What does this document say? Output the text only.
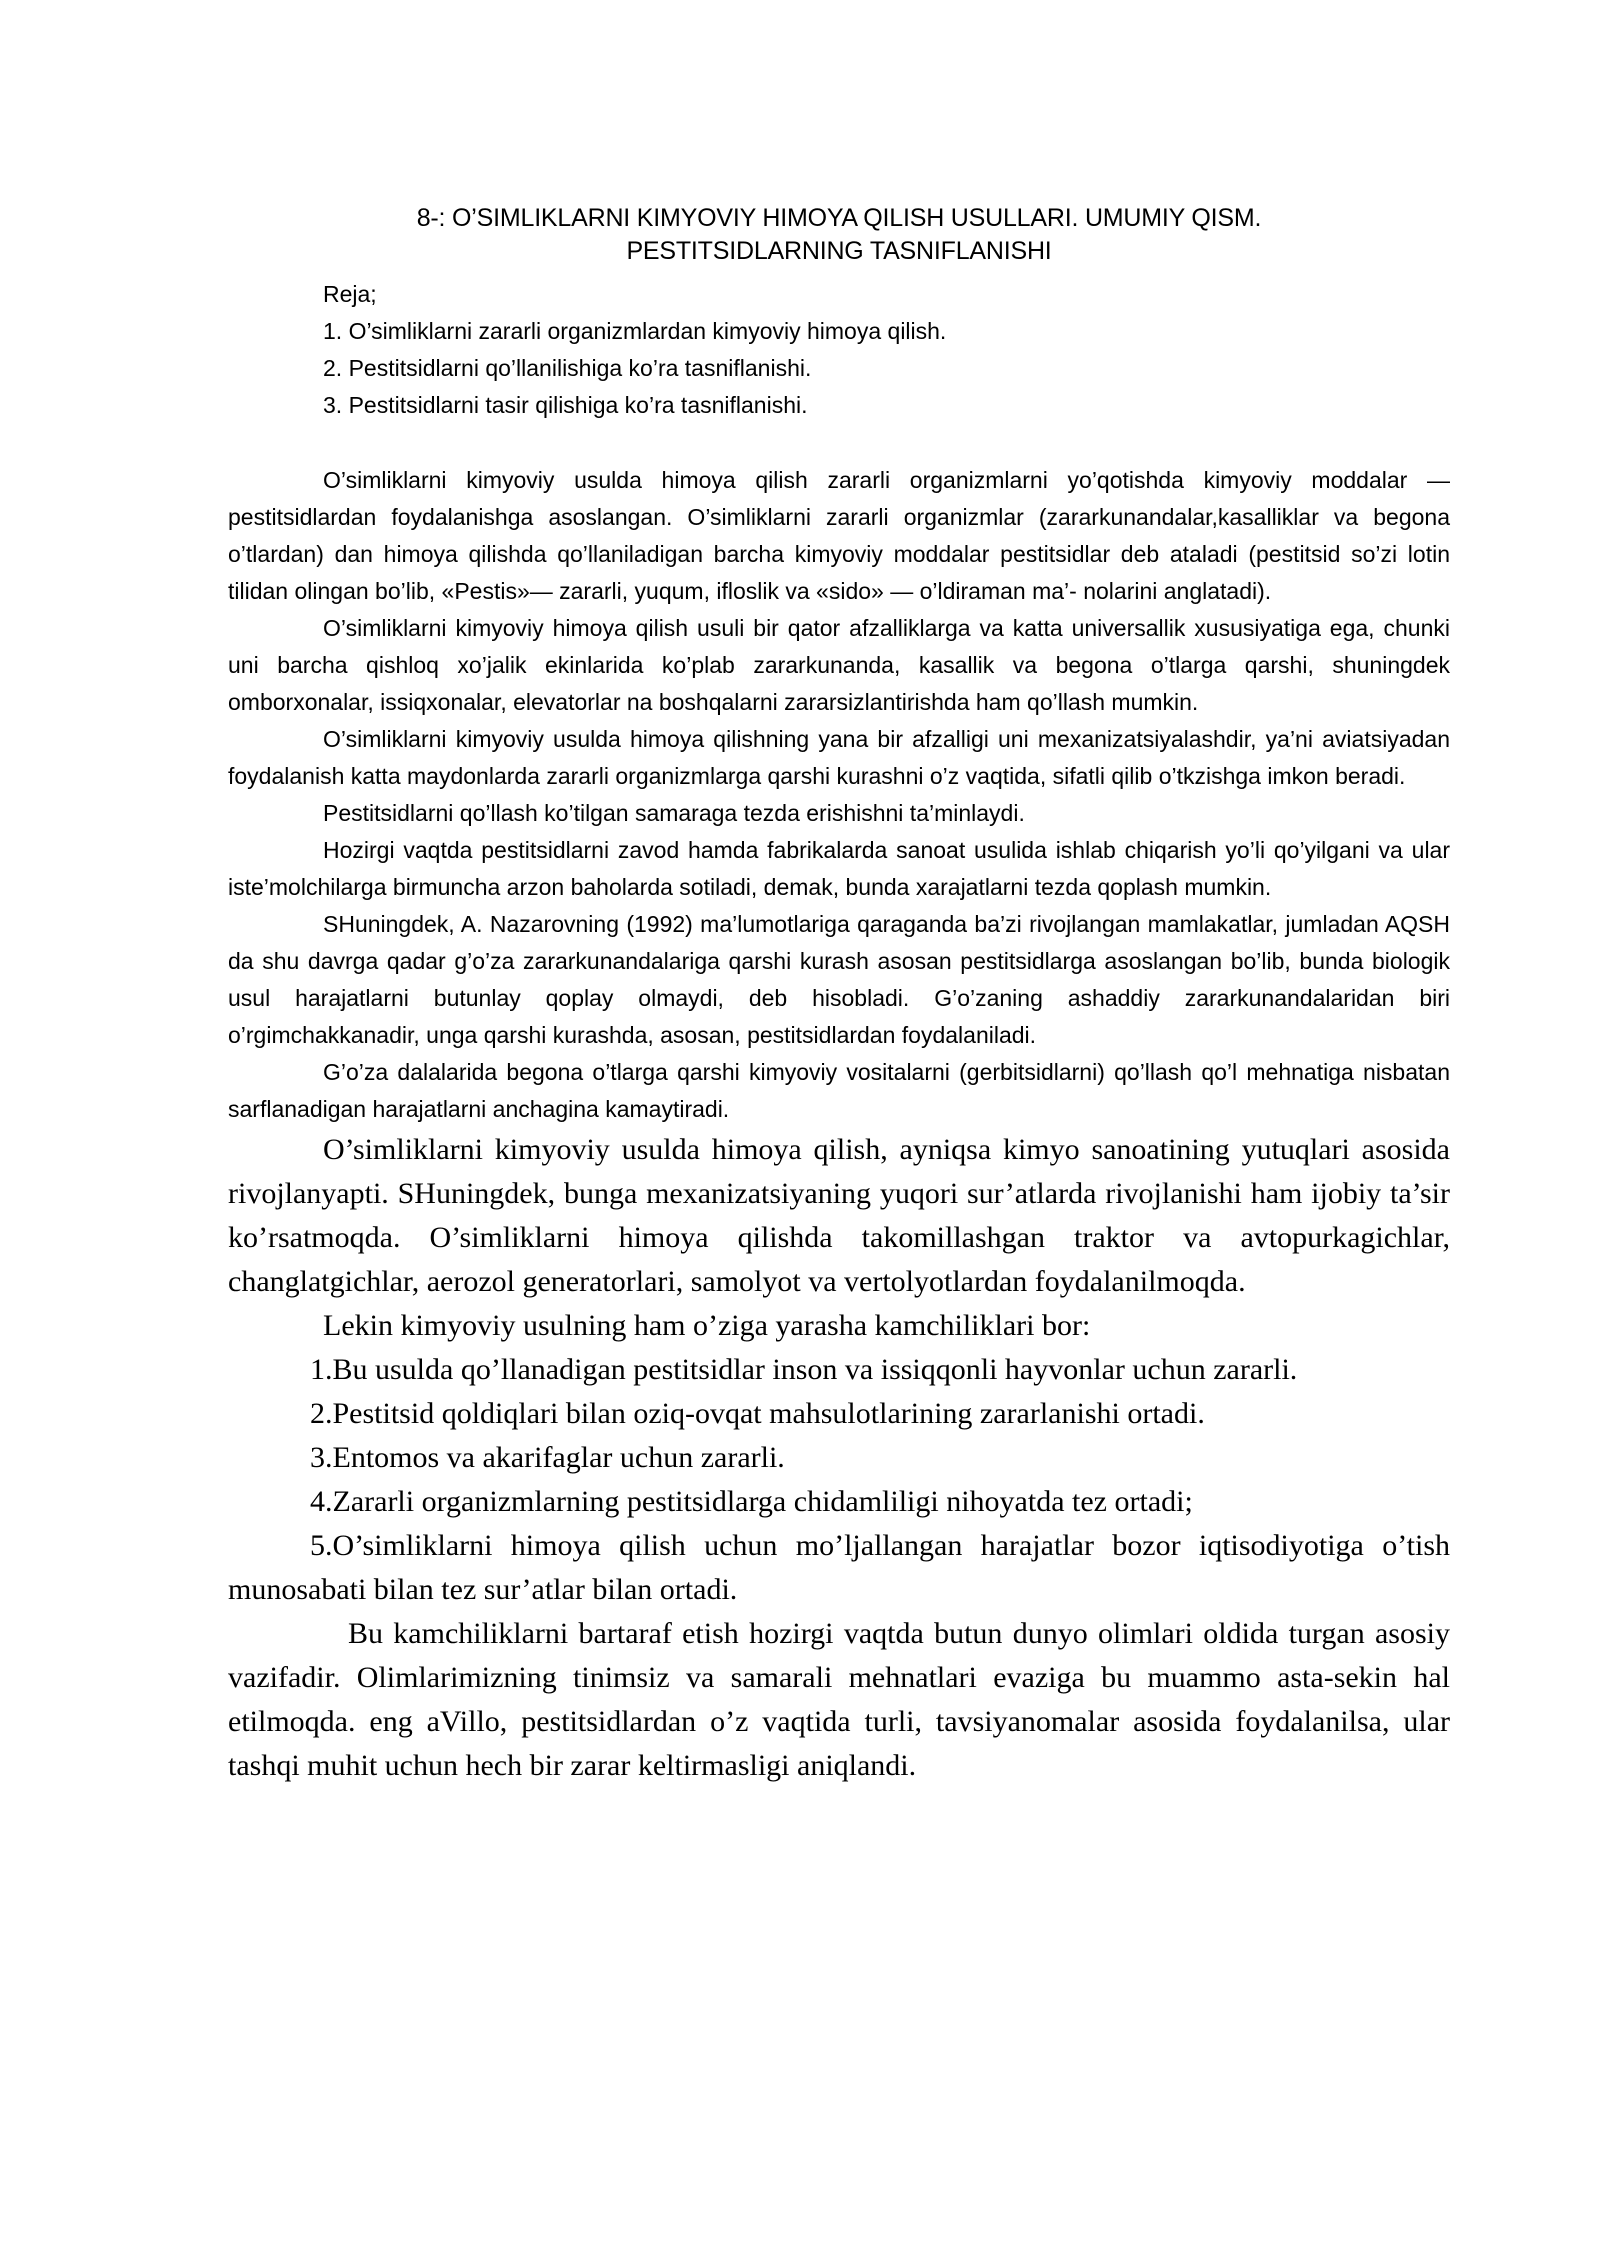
8-: O’SIMLIKLARNI KIMYOVIY HIMOYA QILISH USULLARI. UMUMIY QISM.
PESTITSIDLARNING TASNIFLANISHI
Reja;
1. O’simliklarni zararli organizmlardan kimyoviy himoya qilish.
2. Pestitsidlarni qo’llanilishiga ko’ra tasniflanishi.
3. Pestitsidlarni tasir qilishiga ko’ra tasniflanishi.

O’simliklarni kimyoviy usulda himoya qilish zararli organizmlarni yo’qotishda kimyoviy moddalar —pestitsidlardan foydalanishga asoslangan. O’simliklarni zararli organizmlar (zararkunandalar,kasalliklar va begona o’tlardan) dan himoya qilishda qo’llaniladigan barcha kimyoviy moddalar pestitsidlar deb ataladi (pestitsid so’zi lotin tilidan olingan bo’lib, «Pestis»— zararli, yuqum, ifloslik va «sido» — o’ldiraman ma’- nolarini anglatadi).

O’simliklarni kimyoviy himoya qilish usuli bir qator afzalliklarga va katta universallik xususiyatiga ega, chunki uni barcha qishloq xo’jalik ekinlarida ko’plab zararkunanda, kasallik va begona o’tlarga qarshi, shuningdek omborxonalar, issiqxonalar, elevatorlar na boshqalarni zararsizlantirishda ham qo’llash mumkin.

O’simliklarni kimyoviy usulda himoya qilishning yana bir afzalligi uni mexanizatsiyalashdir, ya’ni aviatsiyadan foydalanish katta maydonlarda zararli organizmlarga qarshi kurashni o’z vaqtida, sifatli qilib o’tkzishga imkon beradi.

Pestitsidlarni qo’llash ko’tilgan samaraga tezda erishishni ta’minlaydi.

Hozirgi vaqtda pestitsidlarni zavod hamda fabrikalarda sanoat usulida ishlab chiqarish yo’li qo’yilgani va ular iste’molchilarga birmuncha arzon baholarda sotiladi, demak, bunda xarajatlarni tezda qoplash mumkin.

SHuningdek, A. Nazarovning (1992) ma’lumotlariga qaraganda ba’zi rivojlangan mamlakatlar, jumladan AQSH da shu davrga qadar g’o’za zararkunandalariga qarshi kurash asosan pestitsidlarga asoslangan bo’lib, bunda biologik usul harajatlarni butunlay qoplay olmaydi, deb hisobladi. G’o’zaning ashaddiy zararkunandalaridan biri o’rgimchakkanadir, unga qarshi kurashda, asosan, pestitsidlardan foydalaniladi.

G’o’za dalalarida begona o’tlarga qarshi kimyoviy vositalarni (gerbitsidlarni) qo’llash qo’l mehnatiga nisbatan sarflanadigan harajatlarni anchagina kamaytiradi.

O’simliklarni kimyoviy usulda himoya qilish, ayniqsa kimyo sanoatining yutuqlari asosida rivojlanyapti. SHuningdek, bunga mexanizatsiyaning yuqori sur’atlarda rivojlanishi ham ijobiy ta’sir ko’rsatmoqda. O’simliklarni himoya qilishda takomillashgan traktor va avtopurkagichlar, changlatgichlar, aerozol generatorlari, samolyot va vertolyotlardan foydalanilmoqda.

Lekin kimyoviy usulning ham o’ziga yarasha kamchiliklari bor:

1.Bu usulda qo’llanadigan pestitsidlar inson va issiqqonli hayvonlar uchun zararli.

2.Pestitsid qoldiqlari bilan oziq-ovqat mahsulotlarining zararlanishi ortadi.

3.Entomos va akarifaglar uchun zararli.

4.Zararli organizmlarning pestitsidlarga chidamliligi nihoyatda tez ortadi;

5.O’simliklarni himoya qilish uchun mo’ljallangan harajatlar bozor iqtisodiyotiga o’tish munosabati bilan tez sur’atlar bilan ortadi.

Bu kamchiliklarni bartaraf etish hozirgi vaqtda butun dunyo olimlari oldida turgan asosiy vazifadir. Olimlarimizning tinimsiz va samarali mehnatlari evaziga bu muammo asta-sekin hal etilmoqda. eng aVillo, pestitsidlardan o’z vaqtida turli, tavsiyanomalar asosida foydalanilsa, ular tashqi muhit uchun hech bir zarar keltirmasligi aniqlandi.
